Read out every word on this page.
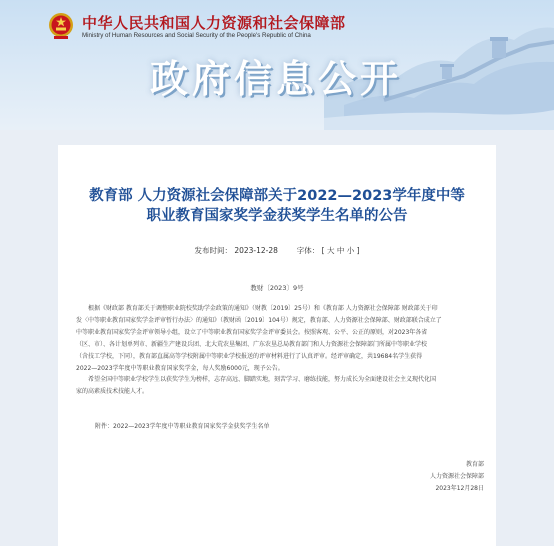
中华人民共和国人力资源和社会保障部
Ministry of Human Resources and Social Security of the People's Republic of China
政府信息公开
教育部 人力资源社会保障部关于2022—2023学年度中等
职业教育国家奖学金获奖学生名单的公告
发布时间： 2023-12-28	字体： [ 大 中 小 ]
教财〔2023〕9号
根据《财政部 教育部关于调整职业院校奖助学金政策的通知》（财教〔2019〕25号）和《教育部 人力资源社会保障部 财政部关于印
发〈中等职业教育国家奖学金评审暂行办法〉的通知》（教财函〔2019〕104号）规定，教育部、人力资源社会保障部、财政部联合成立了
中等职业教育国家奖学金评审领导小组，设立了中等职业教育国家奖学金评审委员会。按照客观、公平、公正的原则，对2023年各省
（区、市）、各计划单列市、新疆生产建设兵团、北大荒农垦集团、广东农垦总局教育部门和人力资源社会保障部门所属中等职业学校
（含技工学校，下同），教育部直属高等学校附属中等职业学校报送的评审材料进行了认真评审。经评审确定，共19684名学生获得
2022—2023学年度中等职业教育国家奖学金，每人奖励6000元，现予公告。
希望全国中等职业学校学生以获奖学生为榜样，志存高远、脚踏实地，刻苦学习、磨练技能，努力成长为全面建设社会主义现代化国
家的高素质技术技能人才。
附件：2022—2023学年度中等职业教育国家奖学金获奖学生名单
教育部
人力资源社会保障部
2023年12月28日
